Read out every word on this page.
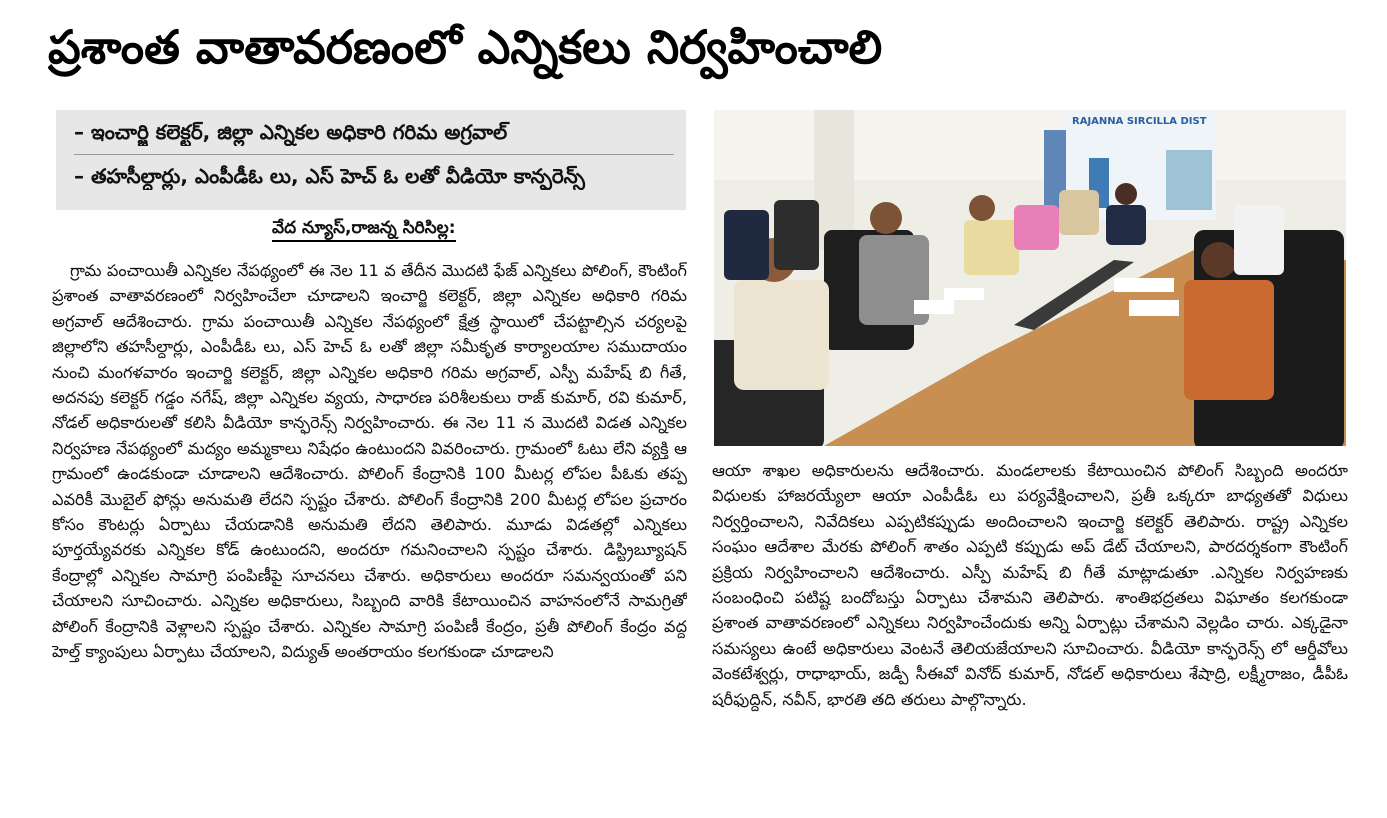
ప్రశాంత వాతావరణంలో ఎన్నికలు నిర్వహించాలి
– ఇంచార్జి కలెక్టర్, జిల్లా ఎన్నికల అధికారి గరిమ అగ్రవాల్
– తహసీల్దార్లు, ఎంపీడీఓ లు, ఎస్ హెచ్ ఓ లతో వీడియో కాన్ఫరెన్స్
వేద న్యూస్,రాజన్న సిరిసిల్ల:
గ్రామ పంచాయితీ ఎన్నికల నేపథ్యంలో ఈ నెల 11 వ తేదీన మొదటి ఫేజ్ ఎన్నికలు పోలింగ్, కౌంటింగ్ ప్రశాంత వాతావరణంలో నిర్వహించేలా చూడాలని ఇంచార్జి కలెక్టర్, జిల్లా ఎన్నికల అధికారి గరిమ అగ్రవాల్ ఆదేశించారు. గ్రామ పంచాయితీ ఎన్నికల నేపథ్యంలో క్షేత్ర స్థాయిలో చేపట్టాల్సిన చర్యలపై జిల్లాలోని తహసీల్దార్లు, ఎంపీడీఓ లు, ఎస్ హెచ్ ఓ లతో జిల్లా సమీకృత కార్యాలయాల సముదాయం నుంచి మంగళవారం ఇంచార్జి కలెక్టర్, జిల్లా ఎన్నికల అధికారి గరిమ అగ్రవాల్, ఎస్పీ మహేష్ బి గీతే, అదనపు కలెక్టర్ గడ్డం నగేష్, జిల్లా ఎన్నికల వ్యయ, సాధారణ పరిశీలకులు రాజ్ కుమార్, రవి కుమార్, నోడల్ అధికారులతో కలిసి వీడియో కాన్ఫరెన్స్ నిర్వహించారు. ఈ నెల 11 న మొదటి విడత ఎన్నికల నిర్వహణ నేపథ్యంలో మద్యం అమ్మకాలు నిషేధం ఉంటుందని వివరించారు. గ్రామంలో ఓటు లేని వ్యక్తి ఆ గ్రామంలో ఉండకుండా చూడాలని ఆదేశించారు. పోలింగ్ కేంద్రానికి 100 మీటర్ల లోపల పీఓకు తప్ప ఎవరికీ మొబైల్ ఫోన్లు అనుమతి లేదని స్పష్టం చేశారు. పోలింగ్ కేంద్రానికి 200 మీటర్ల లోపల ప్రచారం కోసం కౌంటర్లు ఏర్పాటు చేయడానికి అనుమతి లేదని తెలిపారు. మూడు విడతల్లో ఎన్నికలు పూర్తయ్యేవరకు ఎన్నికల కోడ్ ఉంటుందని, అందరూ గమనించాలని స్పష్టం చేశారు. డిస్ట్రిబ్యూషన్ కేంద్రాల్లో ఎన్నికల సామాగ్రి పంపిణీపై సూచనలు చేశారు. అధికారులు అందరూ సమన్వయంతో పని చేయాలని సూచించారు. ఎన్నికల అధికారులు, సిబ్బంది వారికి కేటాయించిన వాహనంలోనే సామగ్రితో పోలింగ్ కేంద్రానికి వెళ్లాలని స్పష్టం చేశారు. ఎన్నికల సామాగ్రి పంపిణీ కేంద్రం, ప్రతీ పోలింగ్ కేంద్రం వద్ద హెల్త్ క్యాంపులు ఏర్పాటు చేయాలని, విద్యుత్ అంతరాయం కలగకుండా చూడాలని
RAJANNA SIRCILLA DIST
ఆయా శాఖల అధికారులను ఆదేశించారు. మండలాలకు కేటాయించిన పోలింగ్ సిబ్బంది అందరూ విధులకు హాజరయ్యేలా ఆయా ఎంపీడీఓ లు పర్యవేక్షించాలని, ప్రతీ ఒక్కరూ బాధ్యతతో విధులు నిర్వర్తించాలని, నివేదికలు ఎప్పటికప్పుడు అందించాలని ఇంచార్జి కలెక్టర్ తెలిపారు. రాష్ట్ర ఎన్నికల సంఘం ఆదేశాల మేరకు పోలింగ్ శాతం ఎప్పటి కప్పుడు అప్ డేట్ చేయాలని, పారదర్శకంగా కౌంటింగ్ ప్రక్రియ నిర్వహించాలని ఆదేశించారు. ఎస్పీ మహేష్ బి గీతే మాట్లాడుతూ .ఎన్నికల నిర్వహణకు సంబంధించి పటిష్ట బందోబస్తు ఏర్పాటు చేశామని తెలిపారు. శాంతిభద్రతలు విఘాతం కలగకుండా ప్రశాంత వాతావరణంలో ఎన్నికలు నిర్వహించేందుకు అన్ని ఏర్పాట్లు చేశామని వెల్లడిం చారు. ఎక్కడైనా సమస్యలు ఉంటే అధికారులు వెంటనే తెలియజేయాలని సూచించారు. వీడియో కాన్ఫరెన్స్ లో ఆర్డీవోలు వెంకటేశ్వర్లు, రాధాభాయ్, జడ్పీ సీఈవో వినోద్ కుమార్, నోడల్ అధికారులు శేషాద్రి, లక్ష్మీరాజం, డీపీఓ షరీఫుద్దిన్, నవీన్, భారతి తది తరులు పాల్గొన్నారు.
